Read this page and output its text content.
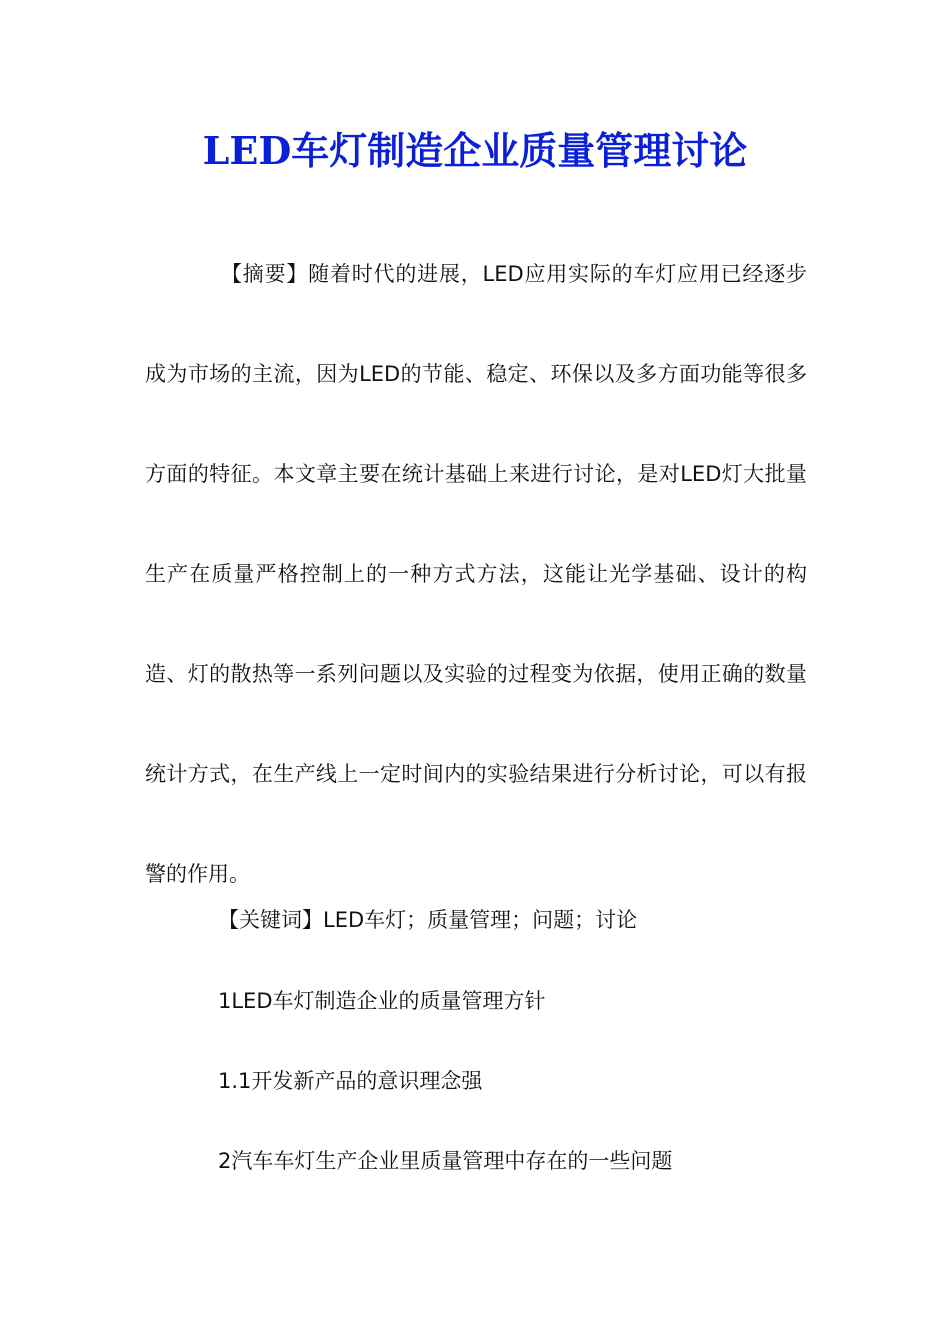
LED车灯制造企业质量管理讨论

【摘要】随着时代的进展，LED应用实际的车灯应用已经逐步成为市场的主流，因为LED的节能、稳定、环保以及多方面功能等很多方面的特征。本文章主要在统计基础上来进行讨论，是对LED灯大批量生产在质量严格控制上的一种方式方法，这能让光学基础、设计的构造、灯的散热等一系列问题以及实验的过程变为依据，使用正确的数量统计方式，在生产线上一定时间内的实验结果进行分析讨论，可以有报警的作用。

【关键词】LED车灯；质量管理；问题；讨论

1LED车灯制造企业的质量管理方针

1.1开发新产品的意识理念强

2汽车车灯生产企业里质量管理中存在的一些问题
